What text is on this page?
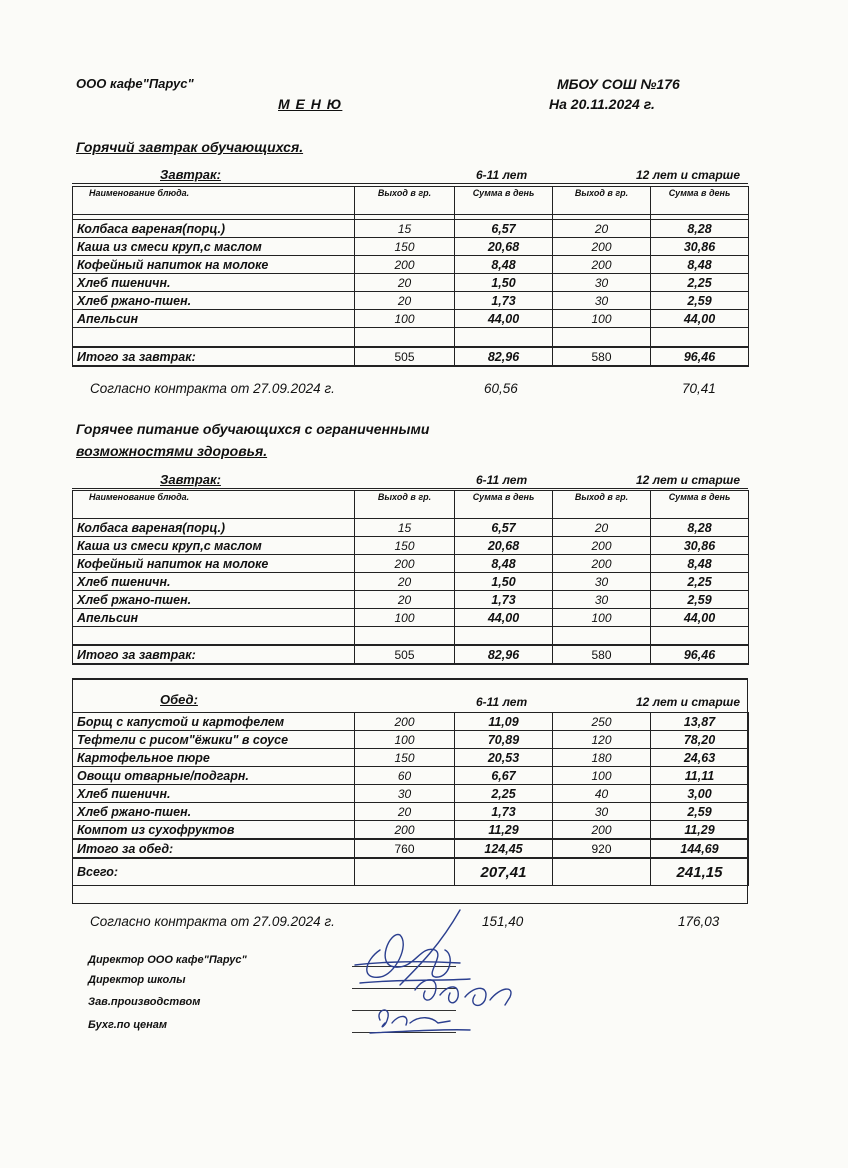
ООО кафе"Парус"	МБОУ СОШ №176
М Е Н Ю	На 20.11.2024 г.
Горячий завтрак обучающихся.
Завтрак:	6-11 лет	12 лет и старше
Наименование блюда.	Выход в гр.	Сумма в день	Выход в гр.	Сумма в день

Колбаса вареная(порц.)	15	6,57	20	8,28
Каша из смеси круп,с маслом	150	20,68	200	30,86
Кофейный напиток на молоке	200	8,48	200	8,48
Хлеб пшеничн.	20	1,50	30	2,25
Хлеб ржано-пшен.	20	1,73	30	2,59
Апельсин	100	44,00	100	44,00

Итого за завтрак:	505	82,96	580	96,46
Согласно контракта от 27.09.2024 г.	60,56	70,41
Горячее питание обучающихся с ограниченными
возможностями здоровья.
Завтрак:	6-11 лет	12 лет и старше
Наименование блюда.	Выход в гр.	Сумма в день	Выход в гр.	Сумма в день
Колбаса вареная(порц.)	15	6,57	20	8,28
Каша из смеси круп,с маслом	150	20,68	200	30,86
Кофейный напиток на молоке	200	8,48	200	8,48
Хлеб пшеничн.	20	1,50	30	2,25
Хлеб ржано-пшен.	20	1,73	30	2,59
Апельсин	100	44,00	100	44,00

Итого за завтрак:	505	82,96	580	96,46
Обед:	6-11 лет	12 лет и старше
Борщ с капустой и картофелем	200	11,09	250	13,87
Тефтели с рисом"ёжики" в соусе	100	70,89	120	78,20
Картофельное пюре	150	20,53	180	24,63
Овощи отварные/подгарн.	60	6,67	100	11,11
Хлеб пшеничн.	30	2,25	40	3,00
Хлеб ржано-пшен.	20	1,73	30	2,59
Компот из сухофруктов	200	11,29	200	11,29
Итого за обед:	760	124,45	920	144,69
Всего:		207,41		241,15
Согласно контракта от 27.09.2024 г.	151,40	176,03
Директор ООО кафе"Парус"
Директор школы
Зав.производством
Бухг.по ценам
